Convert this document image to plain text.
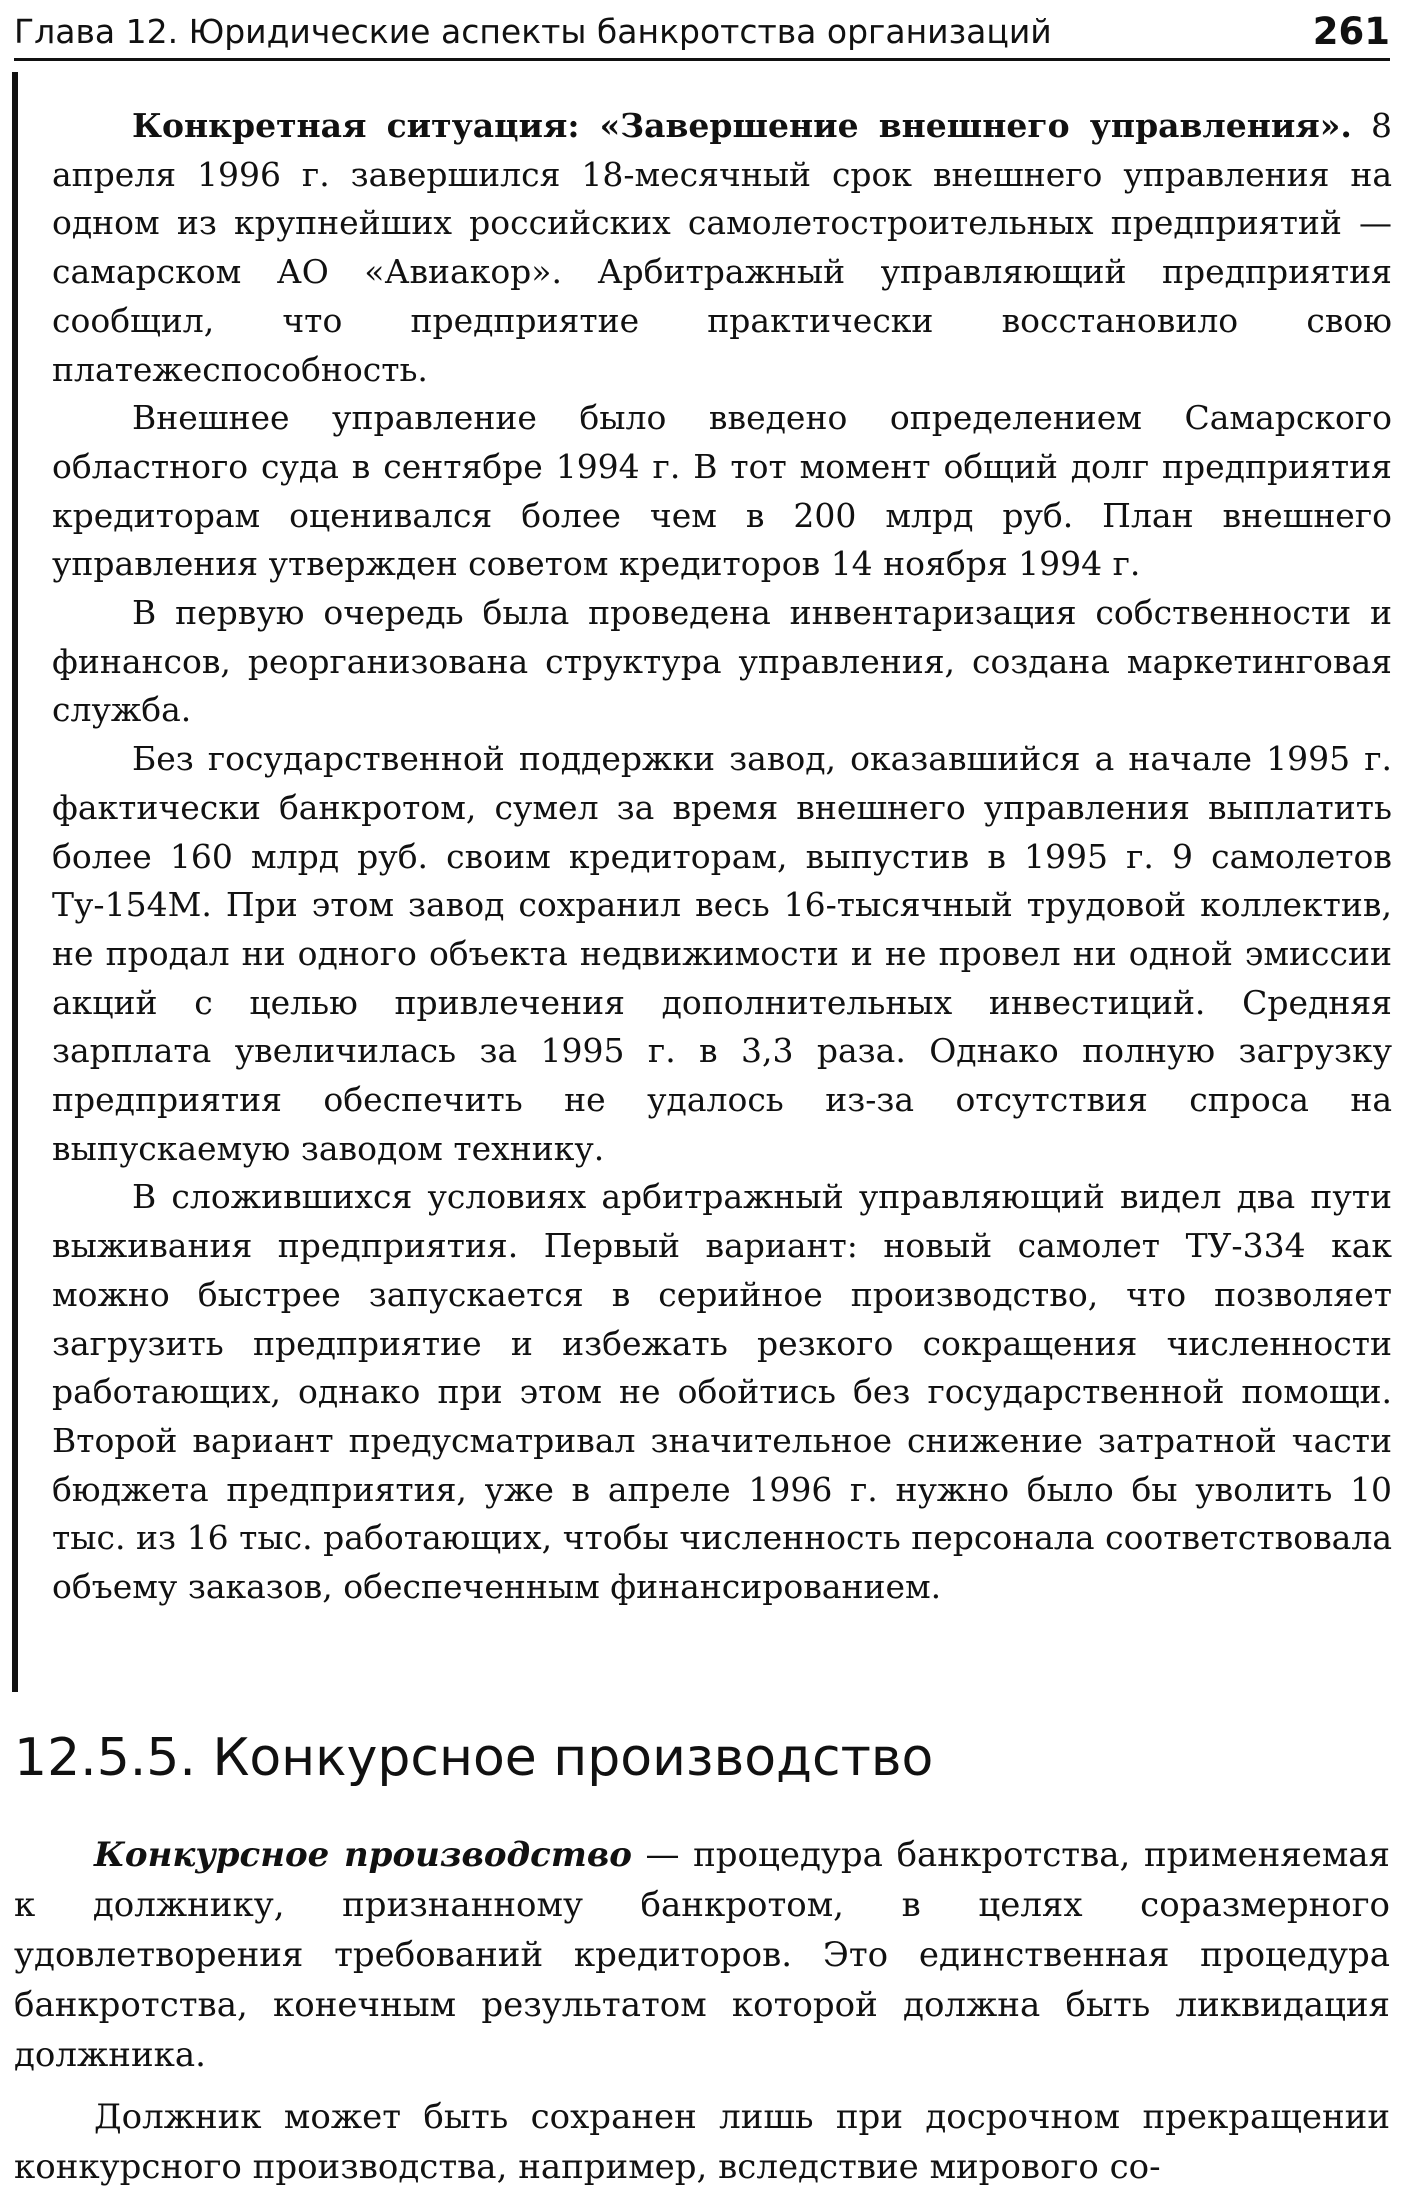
Глава 12. Юридические аспекты банкротства организаций	261

Конкретная ситуация: «Завершение внешнего управления». 8 апреля 1996 г. завершился 18-месячный срок внешнего управления на одном из крупнейших российских самолетостроительных предприятий — самарском АО «Авиакор». Арбитражный управляющий предприятия сообщил, что предприятие практически восстановило свою платежеспособность.

Внешнее управление было введено определением Самарского областного суда в сентябре 1994 г. В тот момент общий долг предприятия кредиторам оценивался более чем в 200 млрд руб. План внешнего управления утвержден советом кредиторов 14 ноября 1994 г.

В первую очередь была проведена инвентаризация собственности и финансов, реорганизована структура управления, создана маркетинговая служба.

Без государственной поддержки завод, оказавшийся а начале 1995 г. фактически банкротом, сумел за время внешнего управления выплатить более 160 млрд руб. своим кредиторам, выпустив в 1995 г. 9 самолетов Ту-154М. При этом завод сохранил весь 16-тысячный трудовой коллектив, не продал ни одного объекта недвижимости и не провел ни одной эмиссии акций с целью привлечения дополнительных инвестиций. Средняя зарплата увеличилась за 1995 г. в 3,3 раза. Однако полную загрузку предприятия обеспечить не удалось из-за отсутствия спроса на выпускаемую заводом технику.

В сложившихся условиях арбитражный управляющий видел два пути выживания предприятия. Первый вариант: новый самолет ТУ-334 как можно быстрее запускается в серийное производство, что позволяет загрузить предприятие и избежать резкого сокращения численности работающих, однако при этом не обойтись без государственной помощи. Второй вариант предусматривал значительное снижение затратной части бюджета предприятия, уже в апреле 1996 г. нужно было бы уволить 10 тыс. из 16 тыс. работающих, чтобы численность персонала соответствовала объему заказов, обеспеченным финансированием.

12.5.5. Конкурсное производство

Конкурсное производство — процедура банкротства, применяемая к должнику, признанному банкротом, в целях соразмерного удовлетворения требований кредиторов. Это единственная процедура банкротства, конечным результатом которой должна быть ликвидация должника.

Должник может быть сохранен лишь при досрочном прекращении конкурсного производства, например, вследствие мирового со-
